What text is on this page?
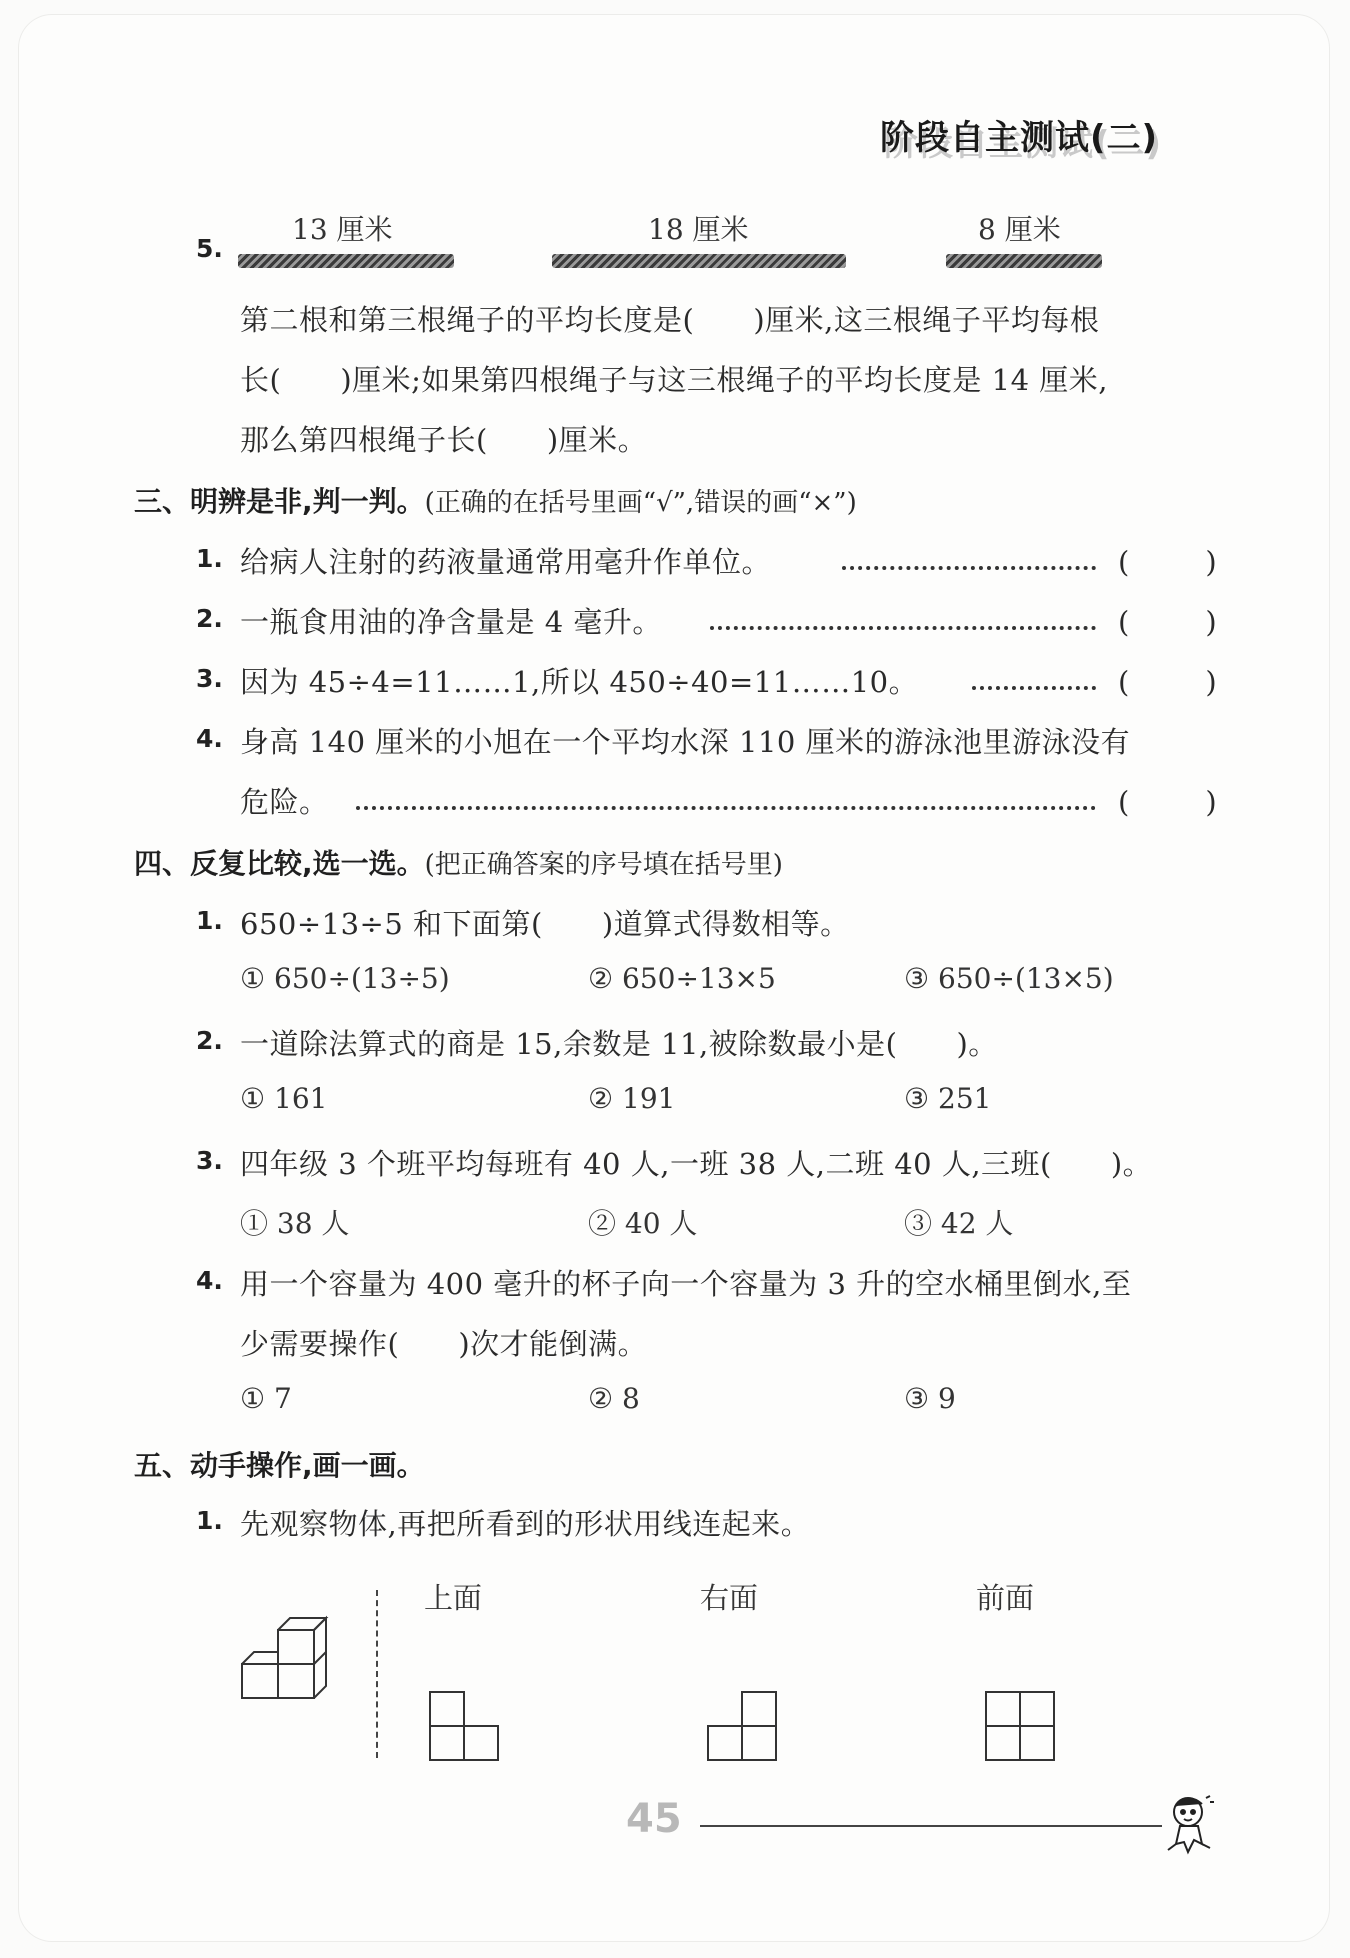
阶段自主测试(二)
5.
13 厘米	18 厘米	8 厘米
第二根和第三根绳子的平均长度是(　　)厘米,这三根绳子平均每根
长(　　)厘米;如果第四根绳子与这三根绳子的平均长度是 14 厘米,
那么第四根绳子长(　　)厘米。
三、明辨是非,判一判。(正确的在括号里画“√”,错误的画“×”)
1. 给病人注射的药液量通常用毫升作单位。	(　　)
2. 一瓶食用油的净含量是 4 毫升。	(　　)
3. 因为 45÷4=11……1,所以 450÷40=11……10。	(　　)
4. 身高 140 厘米的小旭在一个平均水深 110 厘米的游泳池里游泳没有
危险。	(　　)
四、反复比较,选一选。(把正确答案的序号填在括号里)
1. 650÷13÷5 和下面第(　　)道算式得数相等。
① 650÷(13÷5)	② 650÷13×5	③ 650÷(13×5)
2. 一道除法算式的商是 15,余数是 11,被除数最小是(　　)。
① 161	② 191	③ 251
3. 四年级 3 个班平均每班有 40 人,一班 38 人,二班 40 人,三班(　　)。
① 38 人	② 40 人	③ 42 人
4. 用一个容量为 400 毫升的杯子向一个容量为 3 升的空水桶里倒水,至
少需要操作(　　)次才能倒满。
① 7	② 8	③ 9
五、动手操作,画一画。
1. 先观察物体,再把所看到的形状用线连起来。
上面	右面	前面
45
